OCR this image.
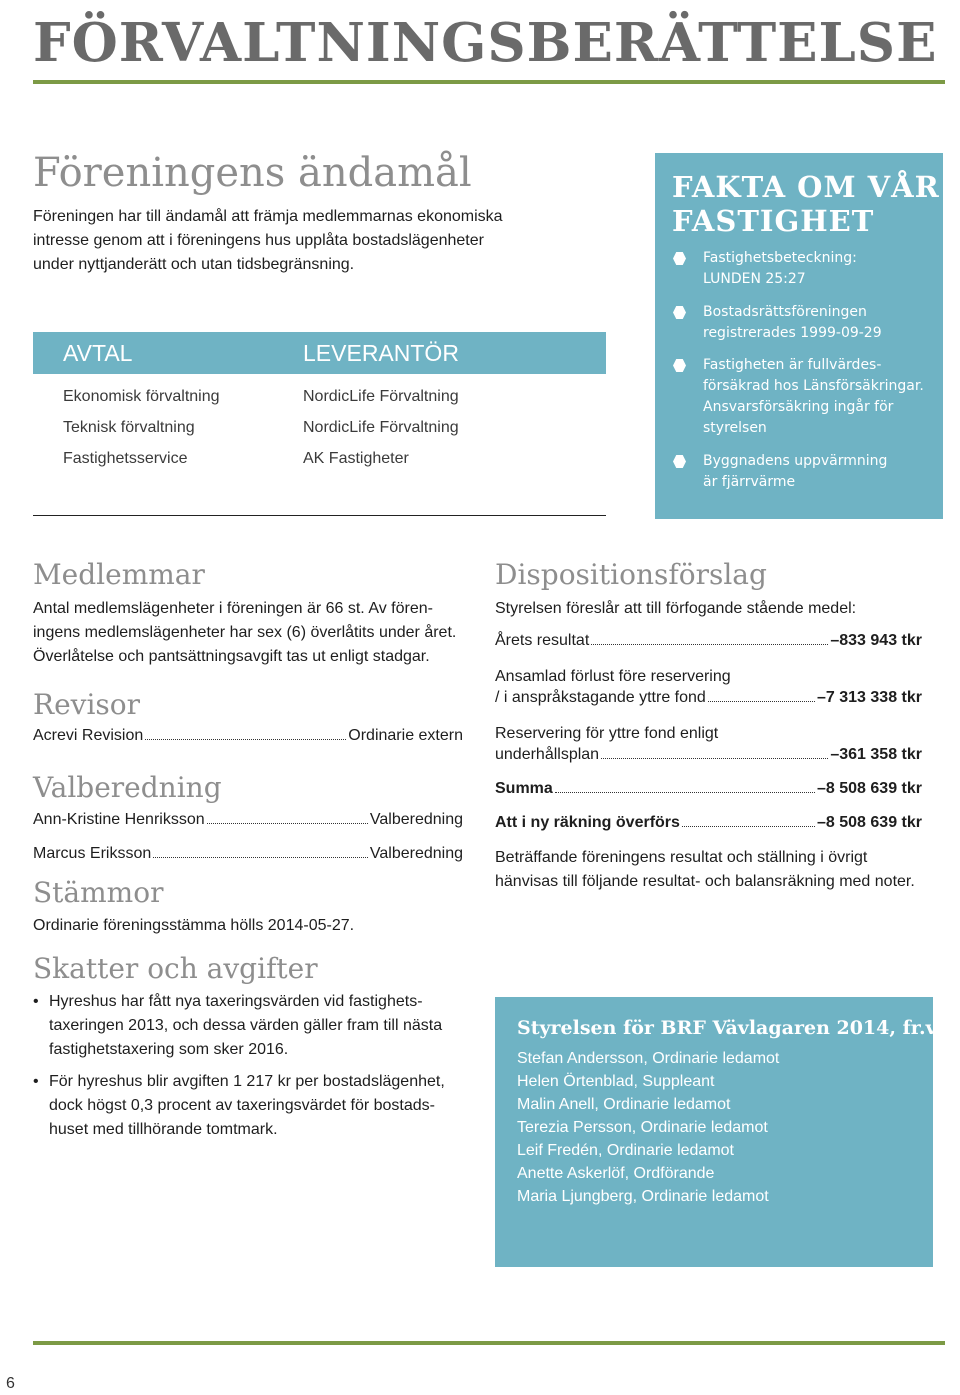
FÖRVALTNINGSBERÄTTELSE
Föreningens ändamål
Föreningen har till ändamål att främja medlemmarnas ekonomiska
intresse genom att i föreningens hus upplåta bostadslägenheter
under nyttjanderätt och utan tidsbegränsning.
AVTAL	LEVERANTÖR
Ekonomisk förvaltning	NordicLife Förvaltning
Teknisk förvaltning	NordicLife Förvaltning
Fastighetsservice	AK Fastigheter
FAKTA OM VÅR
FASTIGHET
Fastighetsbeteckning:
LUNDEN 25:27
Bostadsrättsföreningen
registrerades 1999-09-29
Fastigheten är fullvärdes-
försäkrad hos Länsförsäkringar.
Ansvarsförsäkring ingår för
styrelsen
Byggnadens uppvärmning
är fjärrvärme
Medlemmar
Antal medlemslägenheter i föreningen är 66 st. Av fören-
ingens medlemslägenheter har sex (6) överlåtits under året.
Överlåtelse och pantsättningsavgift tas ut enligt stadgar.
Revisor
Acrevi Revision	Ordinarie extern
Valberedning
Ann-Kristine Henriksson	Valberedning
Marcus Eriksson	Valberedning
Stämmor
Ordinarie föreningsstämma hölls 2014-05-27.
Skatter och avgifter
• Hyreshus har fått nya taxeringsvärden vid fastighets-
taxeringen 2013, och dessa värden gäller fram till nästa
fastighetstaxering som sker 2016.
• För hyreshus blir avgiften 1 217 kr per bostadslägenhet,
dock högst 0,3 procent av taxeringsvärdet för bostads-
huset med tillhörande tomtmark.
Dispositionsförslag
Styrelsen föreslår att till förfogande stående medel:
Årets resultat	–833 943 tkr
Ansamlad förlust före reservering
/ i anspråkstagande yttre fond	–7 313 338 tkr
Reservering för yttre fond enligt
underhållsplan	–361 358 tkr
Summa	–8 508 639 tkr
Att i ny räkning överförs	–8 508 639 tkr
Beträffande föreningens resultat och ställning i övrigt
hänvisas till följande resultat- och balansräkning med noter.
Styrelsen för BRF Vävlagaren 2014, fr.v.
Stefan Andersson, Ordinarie ledamot
Helen Örtenblad, Suppleant
Malin Anell, Ordinarie ledamot
Terezia Persson, Ordinarie ledamot
Leif Fredén, Ordinarie ledamot
Anette Askerlöf, Ordförande
Maria Ljungberg, Ordinarie ledamot
6
